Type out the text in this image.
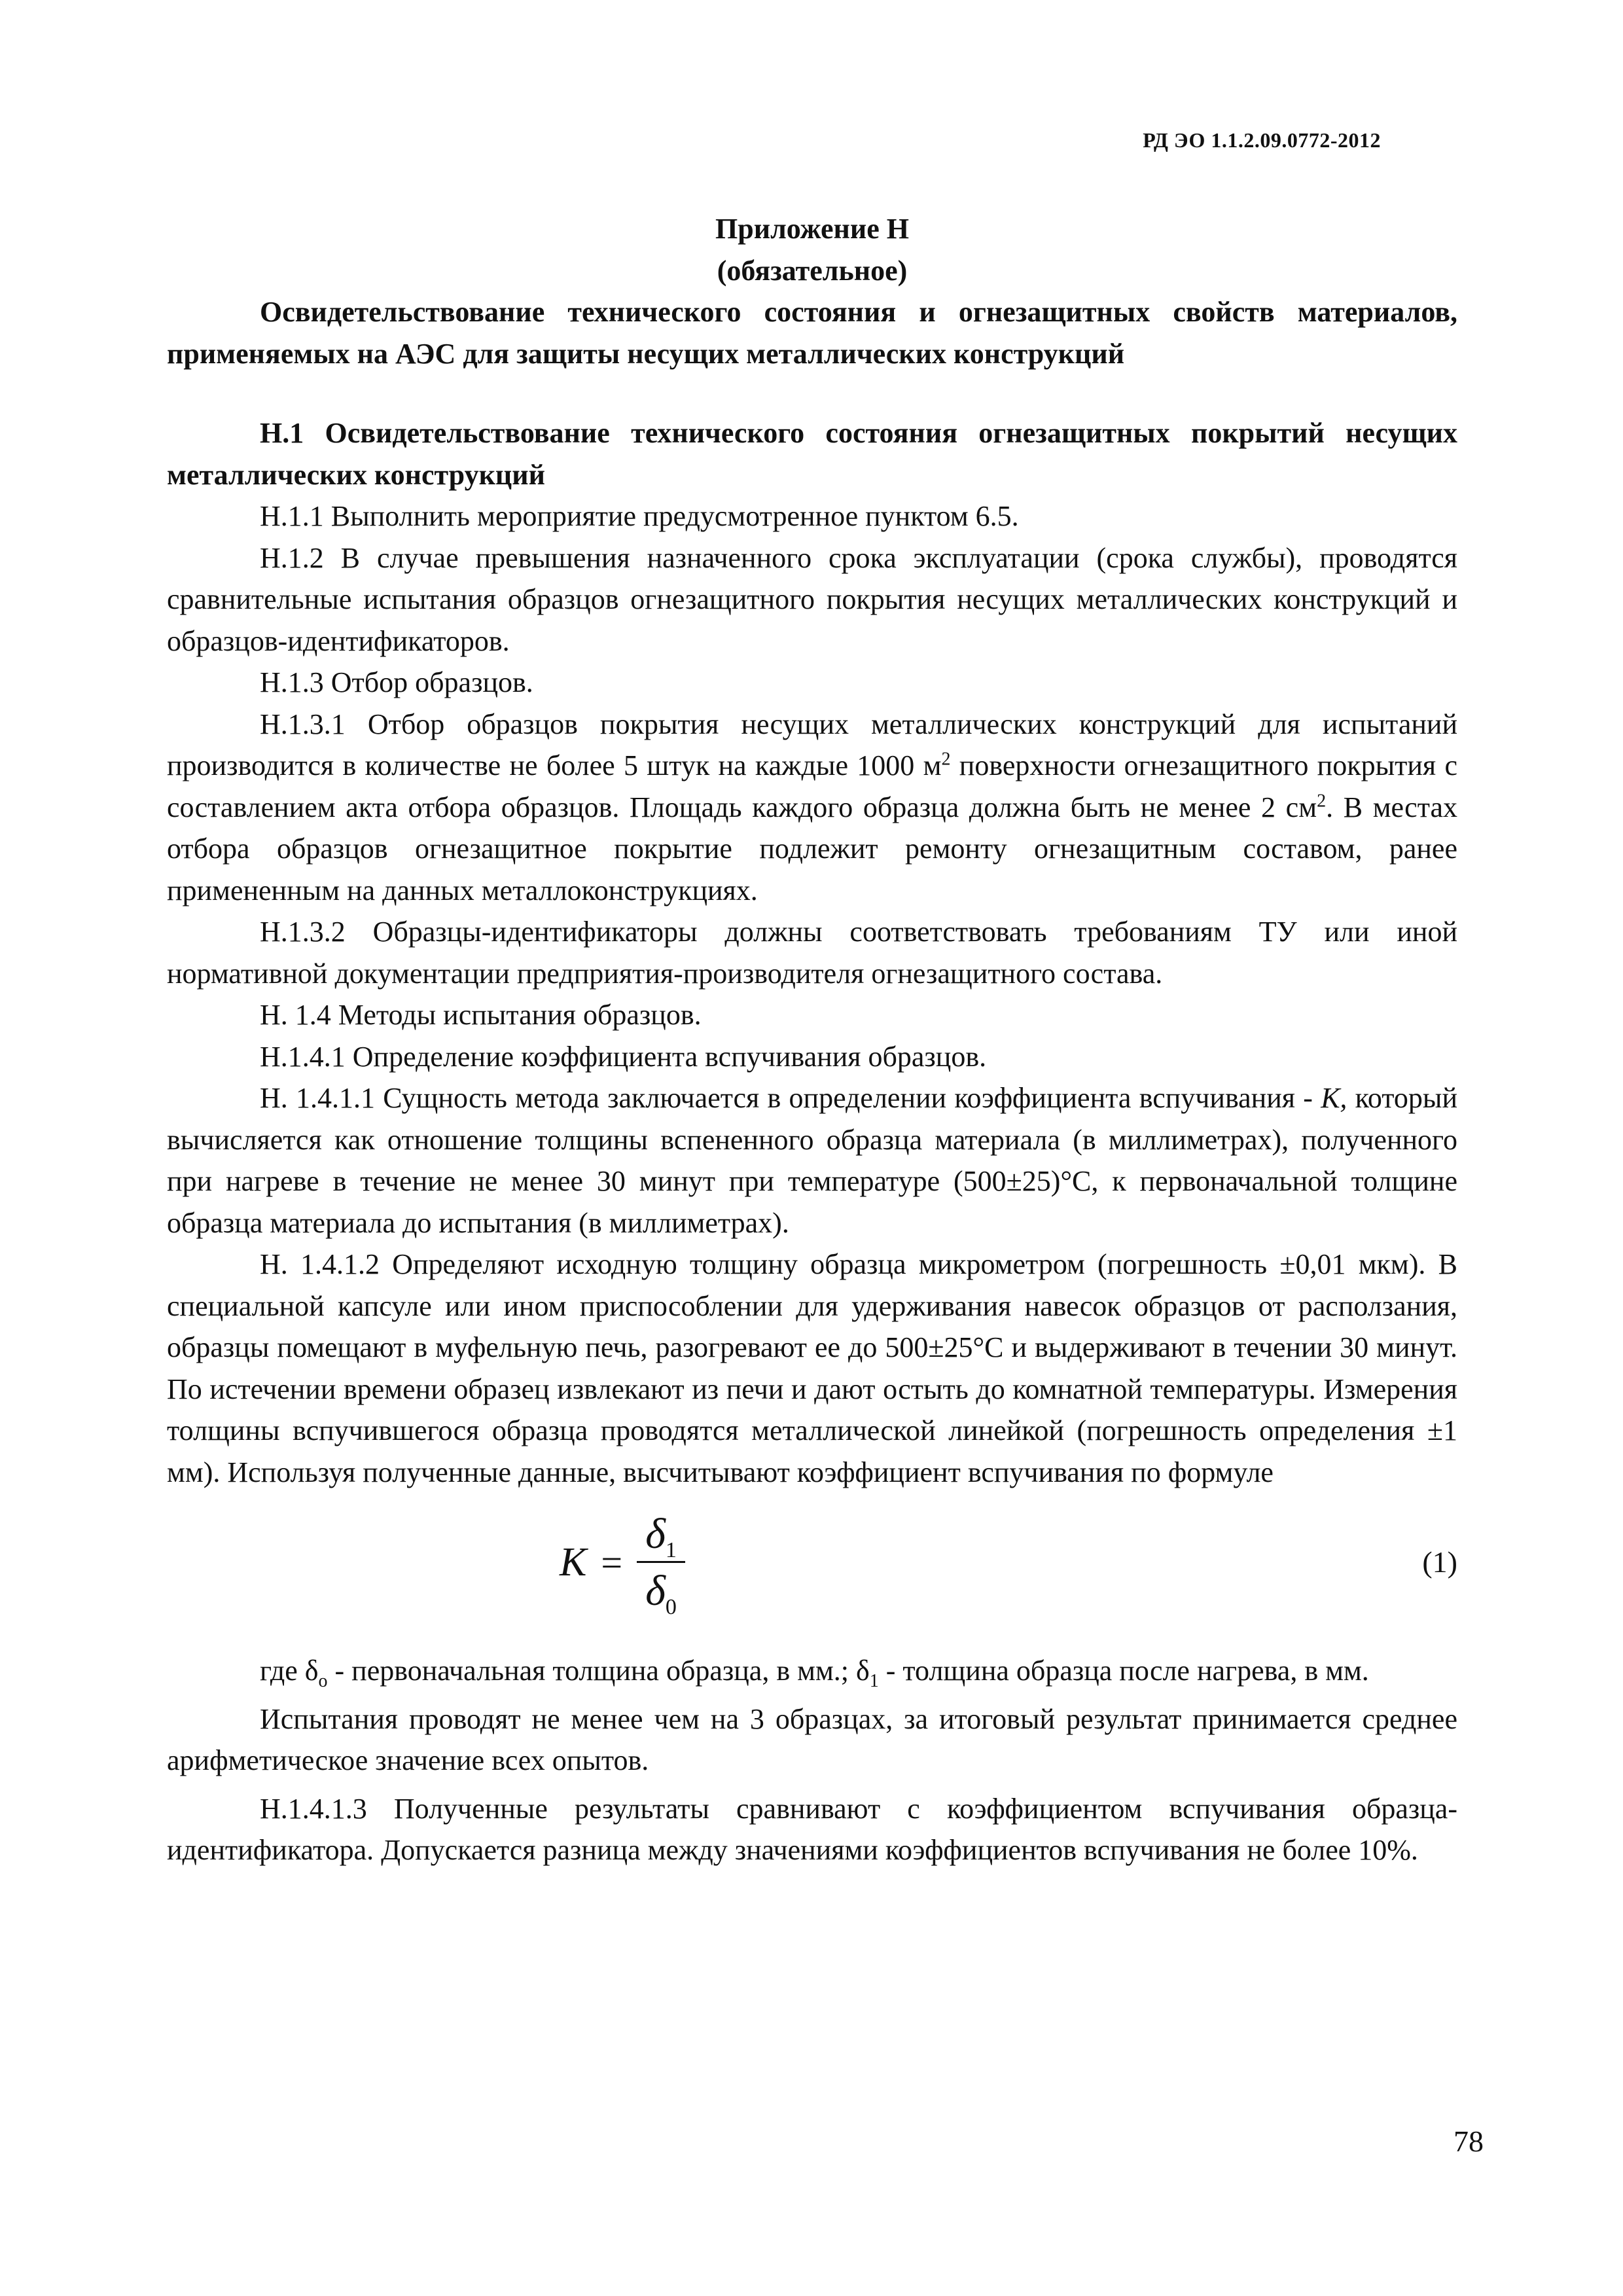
РД ЭО 1.1.2.09.0772-2012

Приложение Н

(обязательное)

Освидетельствование технического состояния и огнезащитных свойств материалов, применяемых на АЭС для защиты несущих металлических конструкций

Н.1 Освидетельствование технического состояния огнезащитных покрытий несущих металлических конструкций

Н.1.1 Выполнить мероприятие предусмотренное пунктом 6.5.

Н.1.2 В случае превышения назначенного срока эксплуатации (срока службы), проводятся сравнительные испытания образцов огнезащитного покрытия несущих металлических конструкций и образцов-идентификаторов.

Н.1.3 Отбор образцов.

Н.1.3.1 Отбор образцов покрытия несущих металлических конструкций для испытаний производится в количестве не более 5 штук на каждые 1000 $м^2$ поверхности огнезащитного покрытия с составлением акта отбора образцов. Площадь каждого образца должна быть не менее 2 $см^2$. В местах отбора образцов огнезащитное покрытие подлежит ремонту огнезащитным составом, ранее примененным на данных металлоконструкциях.

Н.1.3.2 Образцы-идентификаторы должны соответствовать требованиям ТУ или иной нормативной документации предприятия-производителя огнезащитного состава.

Н. 1.4 Методы испытания образцов.

Н.1.4.1 Определение коэффициента вспучивания образцов.

Н. 1.4.1.1 Сущность метода заключается в определении коэффициента вспучивания - К, который вычисляется как отношение толщины вспененного образца материала (в миллиметрах), полученного при нагреве в течение не менее 30 минут при температуре (500±25)°С, к первоначальной толщине образца материала до испытания (в миллиметрах).

Н. 1.4.1.2 Определяют исходную толщину образца микрометром (погрешность ±0,01 мкм). В специальной капсуле или ином приспособлении для удерживания навесок образцов от расползания, образцы помещают в муфельную печь, разогревают ее до 500±25°С и выдерживают в течении 30 минут. По истечении времени образец извлекают из печи и дают остыть до комнатной температуры. Измерения толщины вспучившегося образца проводятся металлической линейкой (погрешность определения ±1 мм). Используя полученные данные, высчитывают коэффициент вспучивания по формуле

$K = \frac{\delta_1}{\delta_0}$	(1)

где $\delta_о$ - первоначальная толщина образца, в мм.; $\delta_1$ - толщина образца после нагрева, в мм.

Испытания проводят не менее чем на 3 образцах, за итоговый результат принимается среднее арифметическое значение всех опытов.

Н.1.4.1.3 Полученные результаты сравнивают с коэффициентом вспучивания образца-идентификатора. Допускается разница между значениями коэффициентов вспучивания не более 10%.

78
